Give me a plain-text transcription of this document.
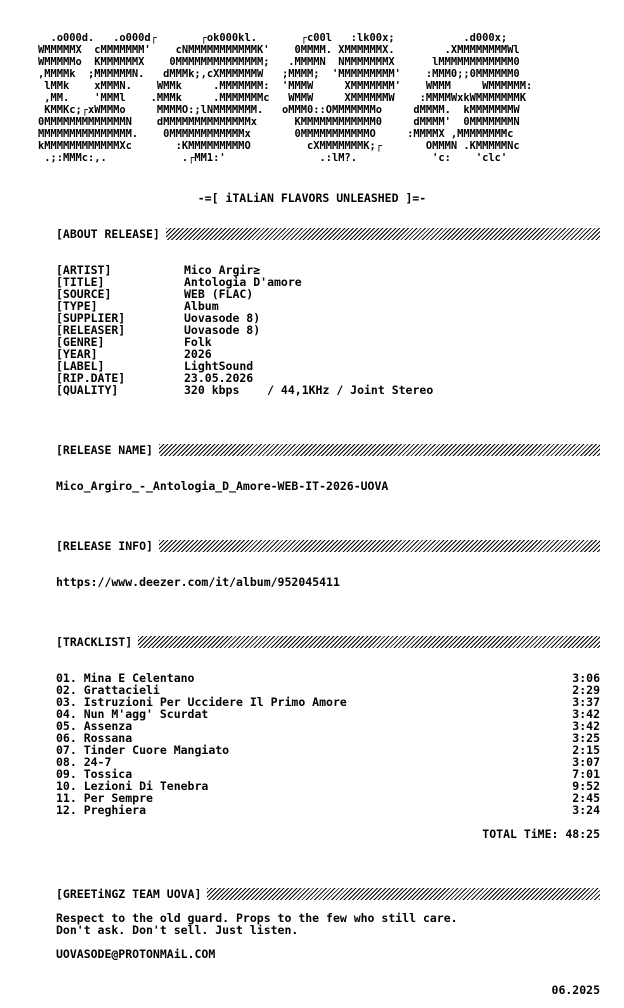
.o000d.   .o000d┌       ┌ok000kl.       ┌c00l   :lk00x;           .d000x;
WMMMMMX  cMMMMMMM'    cNMMMMMMMMMMMK'    0MMMM. XMMMMMMX.        .XMMMMMMMMWl
WMMMMMo  KMMMMMMX    0MMMMMMMMMMMMMM;   .MMMMN  NMMMMMMMX      lMMMMMMMMMMMM0
,MMMMk  ;MMMMMMN.   dMMMk;,cXMMMMMMW   ;MMMM;  'MMMMMMMMM'    :MMM0;;0MMMMMM0
lMMk    xMMMN.    WMMk     .MMMMMMM:  'MMMW     XMMMMMMM'    WMMM     WMMMMMM:
,MM.    'MMMl    .MMMk     .MMMMMMMc   WMMW     XMMMMMMW    :MMMMWxkWMMMMMMMK
KMMKc;┌xWMMMo     MMMMO:;lNMMMMMMM.   oMMM0::OMMMMMMMo     dMMMM.  kMMMMMMMW
0MMMMMMMMMMMMMN    dMMMMMMMMMMMMMMx      KMMMMMMMMMMMM0     dMMMM'  0MMMMMMMN
MMMMMMMMMMMMMMM.    0MMMMMMMMMMMMx       0MMMMMMMMMMMO     :MMMMX ,MMMMMMMMc
kMMMMMMMMMMMMXc       :KMMMMMMMMMO         cXMMMMMMMK;┌       OMMMN .KMMMMMNc
.;:MMMc:,.            .┌MM1:'               .:lM?.            'c:    'clc'
-=[ iTALiAN FLAVORS UNLEASHED ]=-
[ABOUT RELEASE]
[ARTIST]	Mico Argir≥
[TITLE]	Antologia D'amore
[SOURCE]	WEB (FLAC)
[TYPE]	Album
[SUPPLIER]	Uovasode 8)
[RELEASER]	Uovasode 8)
[GENRE]	Folk
[YEAR]	2026
[LABEL]	LightSound
[RIP.DATE]	23.05.2026
[QUALITY]	320 kbps    / 44,1KHz / Joint Stereo
[RELEASE NAME]
Mico_Argiro_-_Antologia_D_Amore-WEB-IT-2026-UOVA
[RELEASE INFO]
https://www.deezer.com/it/album/952045411
[TRACKLIST]
01. Mina E Celentano	3:06
02. Grattacieli	2:29
03. Istruzioni Per Uccidere Il Primo Amore	3:37
04. Nun M'agg' Scurdat	3:42
05. Assenza	3:42
06. Rossana	3:25
07. Tinder Cuore Mangiato	2:15
08. 24-7	3:07
09. Tossica	7:01
10. Lezioni Di Tenebra	9:52
11. Per Sempre	2:45
12. Preghiera	3:24
TOTAL TiME: 48:25
[GREETiNGZ TEAM UOVA]
Respect to the old guard. Props to the few who still care.
Don't ask. Don't sell. Just listen.
UOVASODE@PROTONMAiL.COM
06.2025
